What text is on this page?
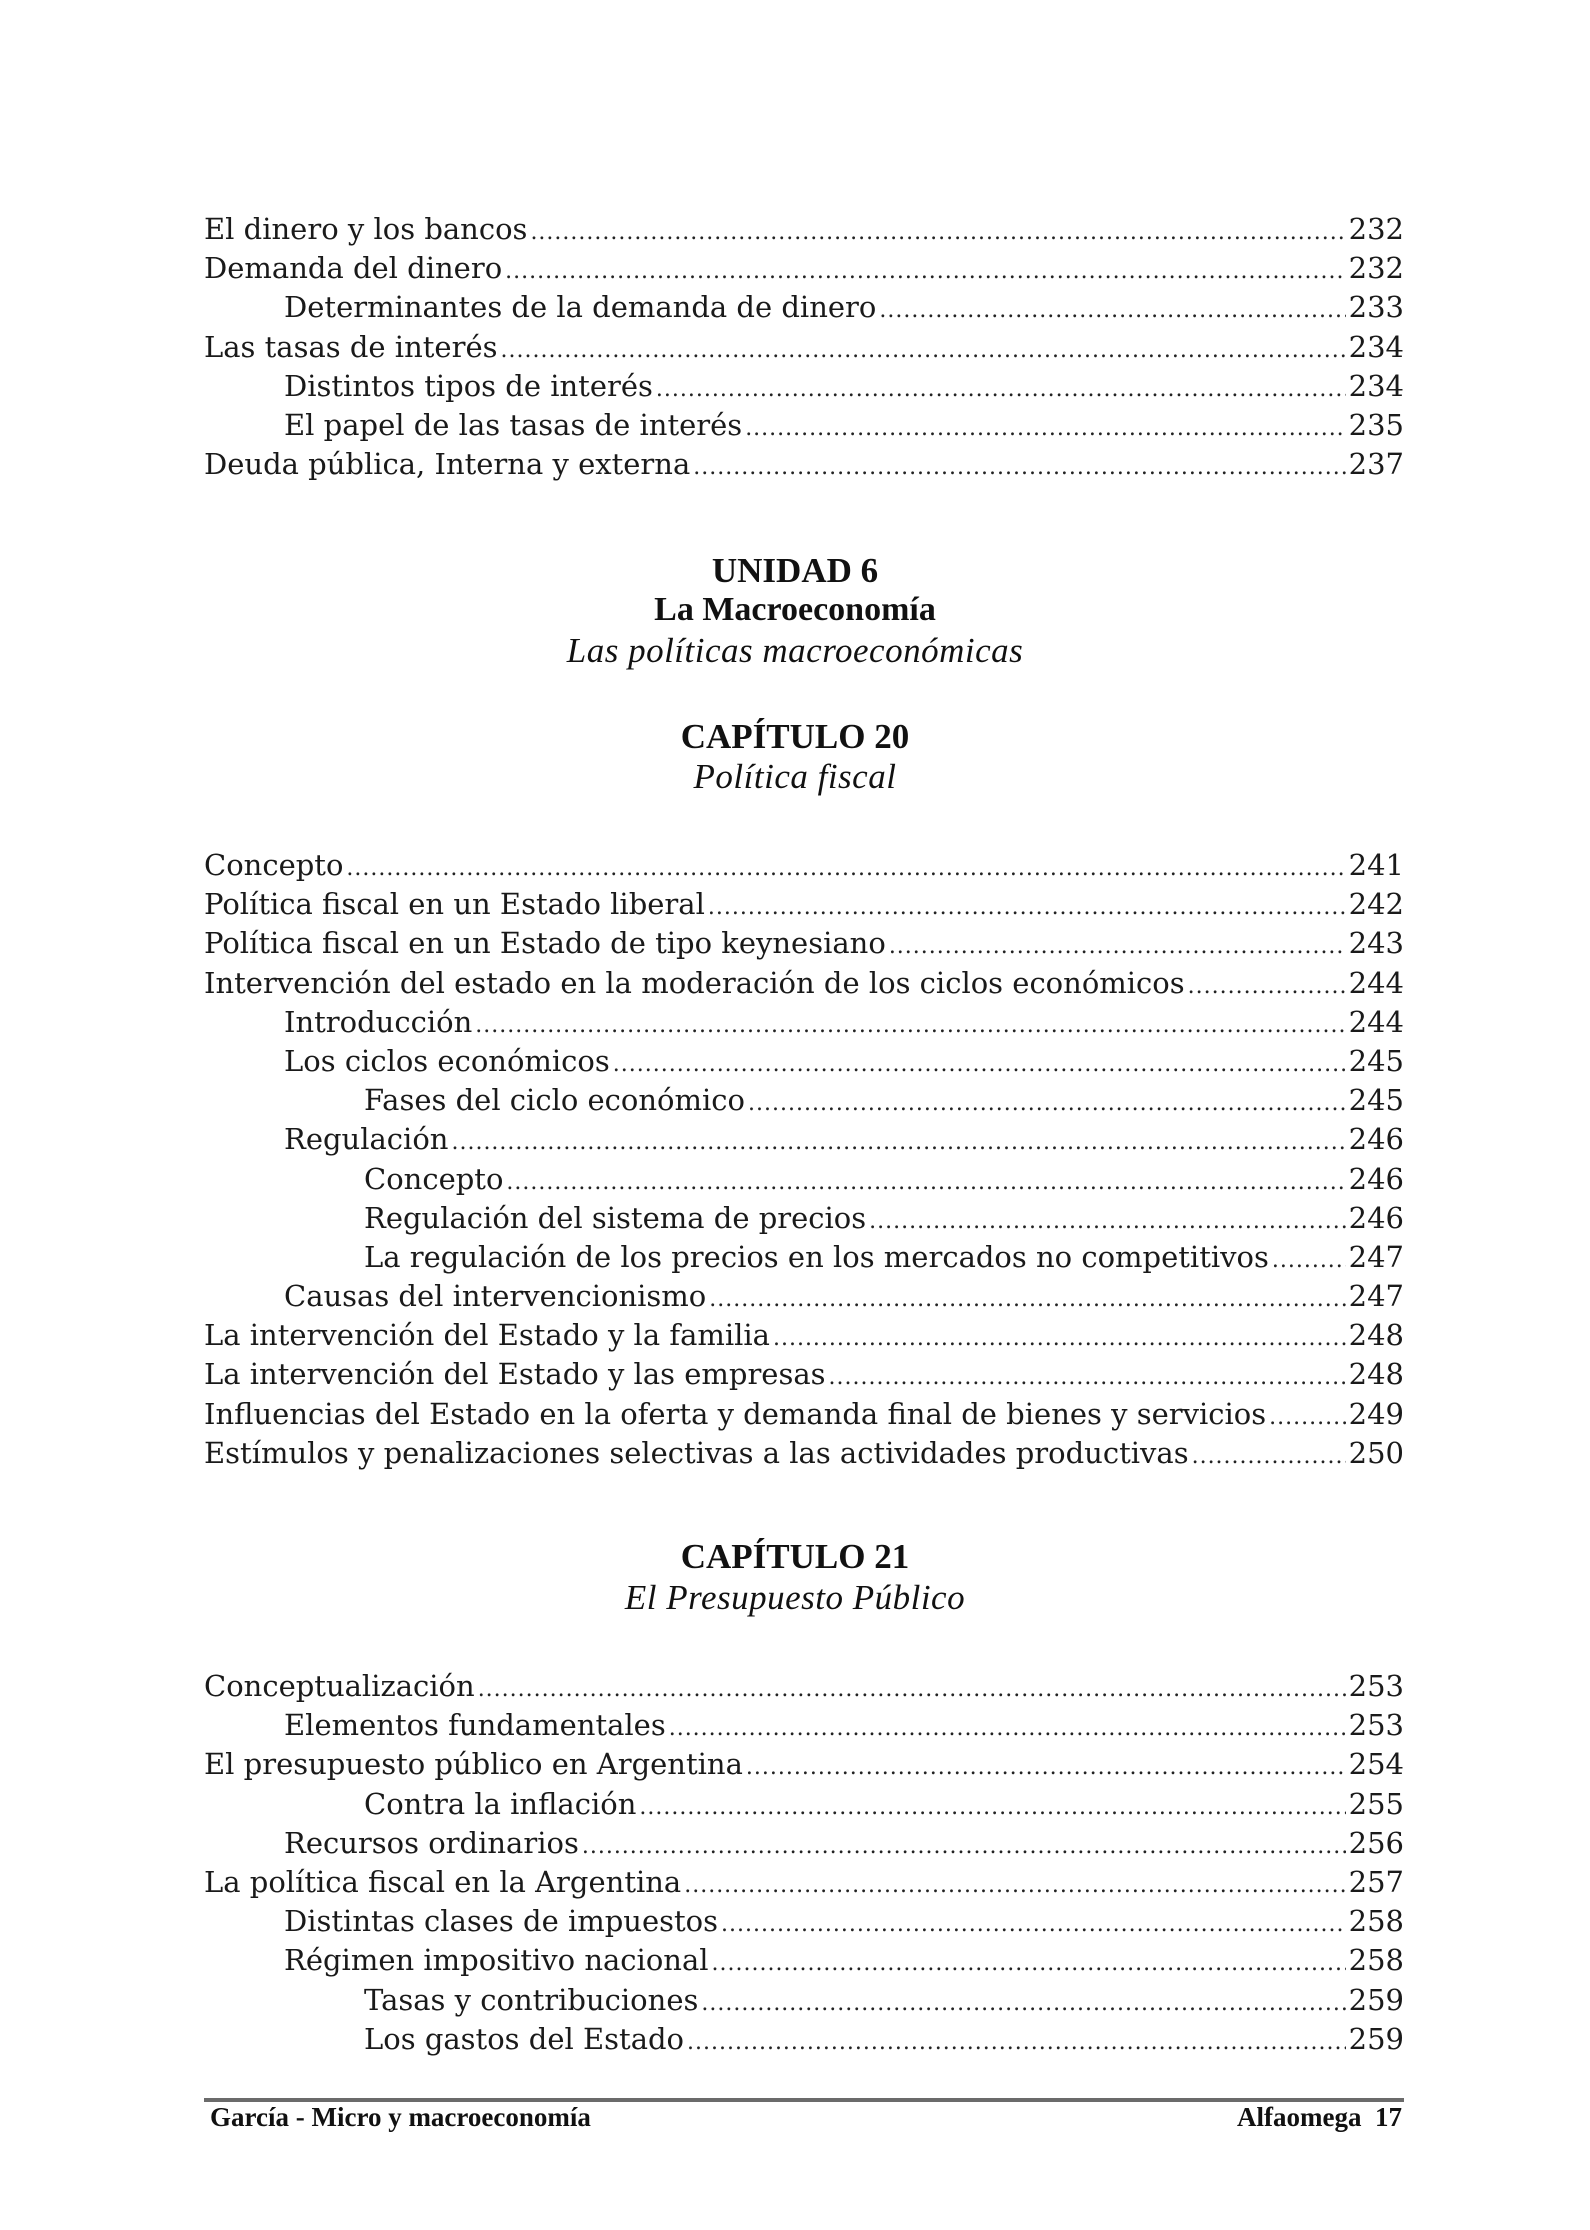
El dinero y los bancos .....	232
Demanda del dinero .....	232
Determinantes de la demanda de dinero .....	233
Las tasas de interés .....	234
Distintos tipos de interés .....	234
El papel de las tasas de interés .....	235
Deuda pública, Interna y externa .....	237
UNIDAD 6
La Macroeconomía
Las políticas macroeconómicas
CAPÍTULO 20
Política fiscal
Concepto .....	241
Política fiscal en un Estado liberal .....	242
Política fiscal en un Estado de tipo keynesiano .....	243
Intervención del estado en la moderación de los ciclos económicos .....	244
Introducción .....	244
Los ciclos económicos .....	245
Fases del ciclo económico .....	245
Regulación .....	246
Concepto .....	246
Regulación del sistema de precios .....	246
La regulación de los precios en los mercados no competitivos .....	247
Causas del intervencionismo .....	247
La intervención del Estado y la familia .....	248
La intervención del Estado y las empresas .....	248
Influencias del Estado en la oferta y demanda final de bienes y servicios .....	249
Estímulos y penalizaciones selectivas a las actividades productivas .....	250
CAPÍTULO 21
El Presupuesto Público
Conceptualización .....	253
Elementos fundamentales .....	253
El presupuesto público en Argentina .....	254
Contra la inflación .....	255
Recursos ordinarios .....	256
La política fiscal en la Argentina .....	257
Distintas clases de impuestos .....	258
Régimen impositivo nacional .....	258
Tasas y contribuciones .....	259
Los gastos del Estado .....	259
García - Micro y macroeconomía	Alfaomega 17
